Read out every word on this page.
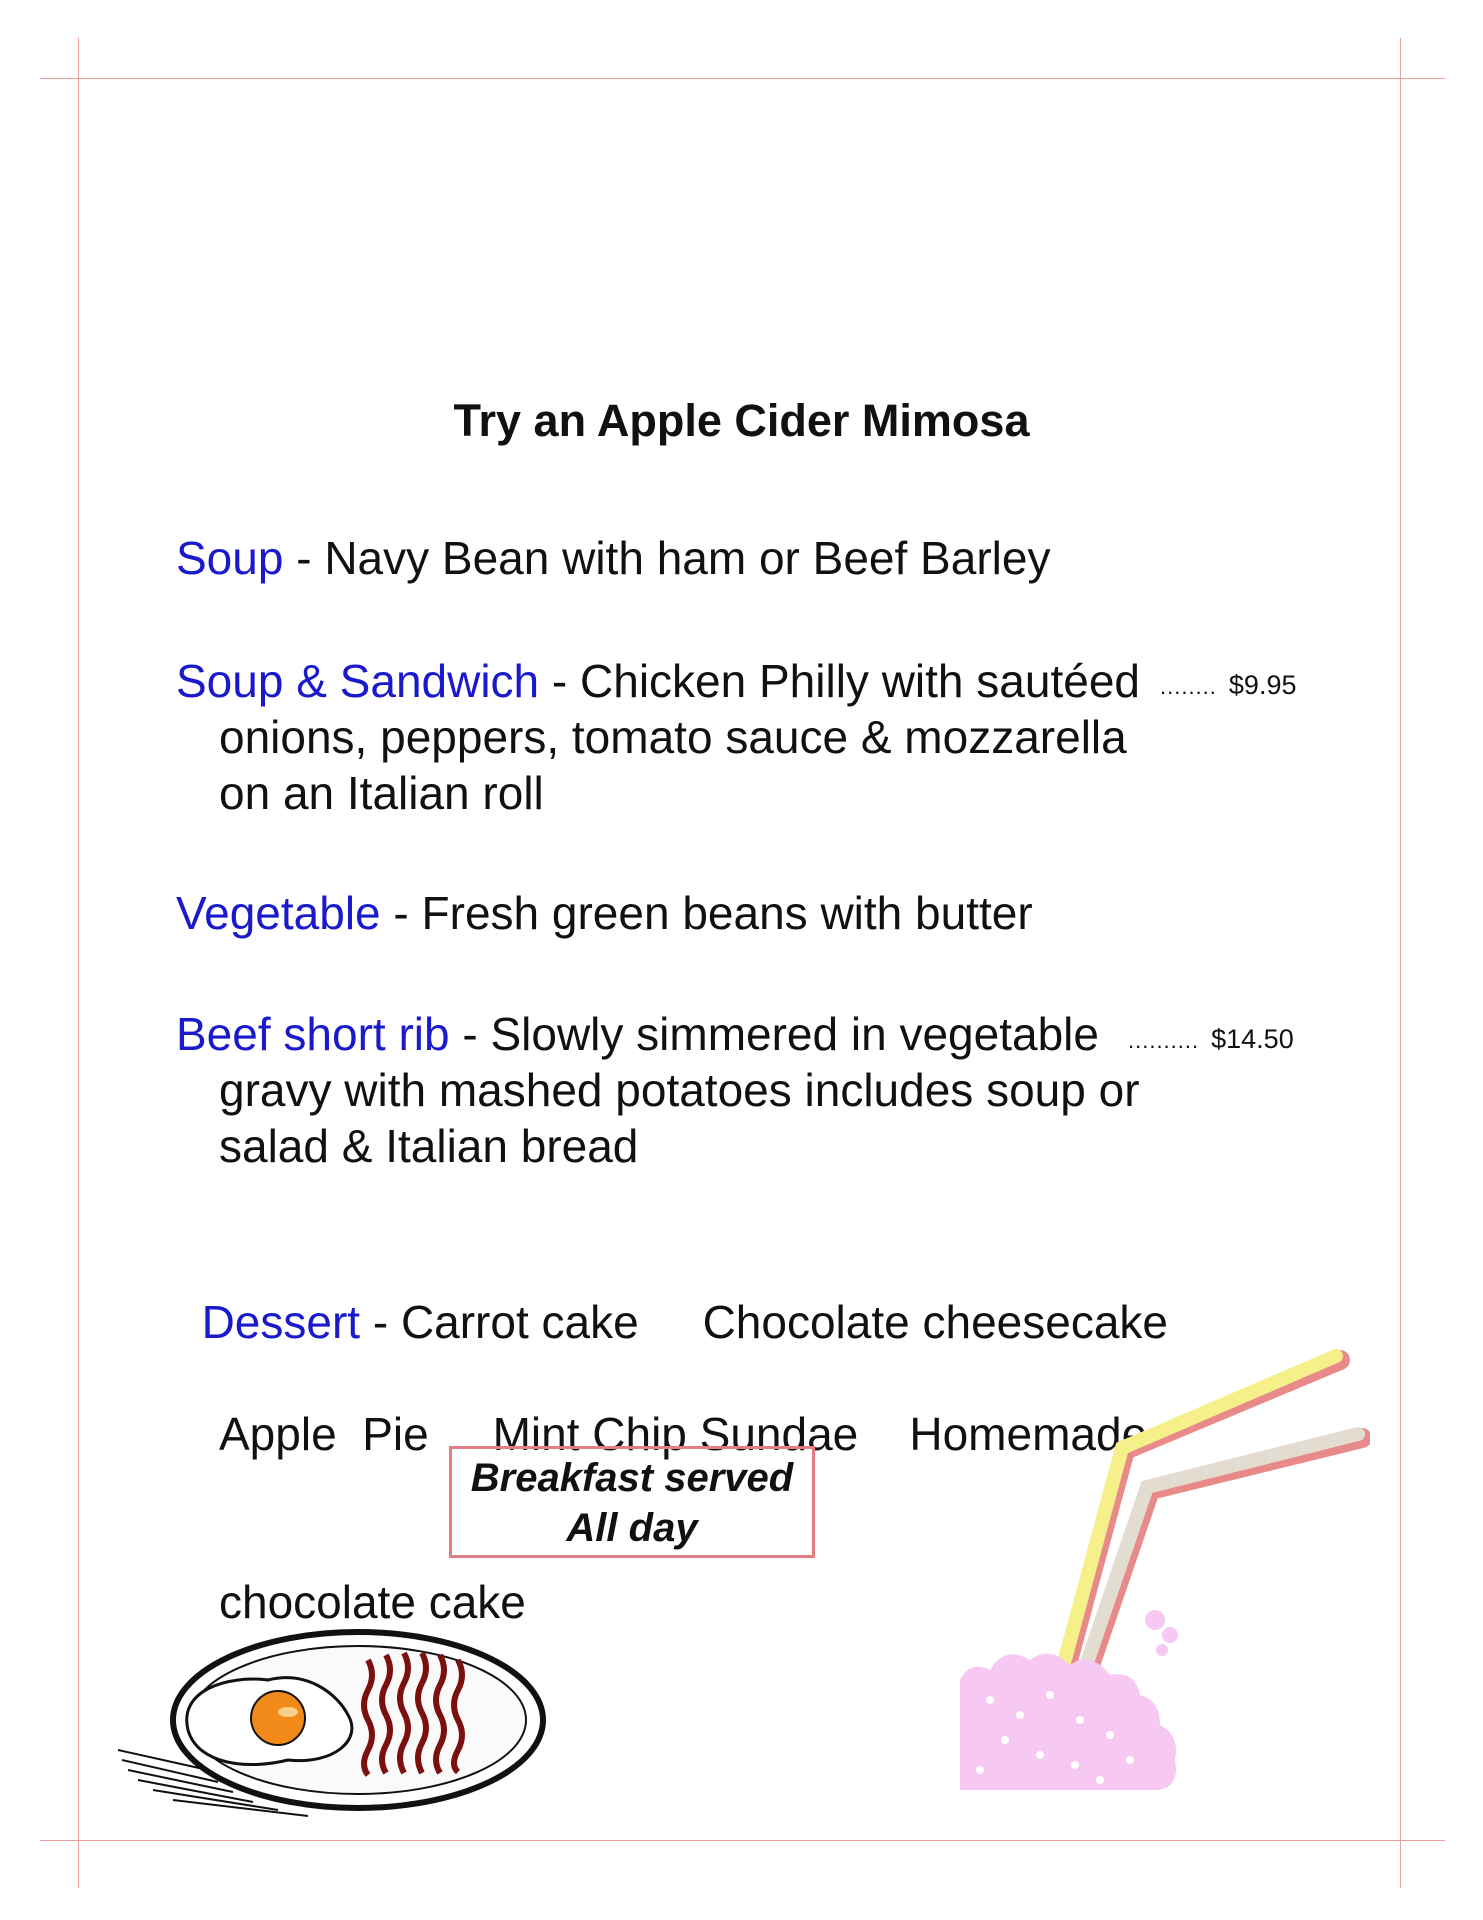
Try an Apple Cider Mimosa
Soup - Navy Bean with ham or Beef Barley
Soup & Sandwich - Chicken Philly with sautéed
onions, peppers, tomato sauce & mozzarella
on an Italian roll
........ $9.95
Vegetable - Fresh green beans with butter
Beef short rib - Slowly simmered in vegetable
gravy with mashed potatoes includes soup or
salad & Italian bread
.......... $14.50

Dessert - Carrot cake     Chocolate cheesecake

Apple  Pie     Mint Chip Sundae    Homemade

chocolate cake

Breakfast served
All day
